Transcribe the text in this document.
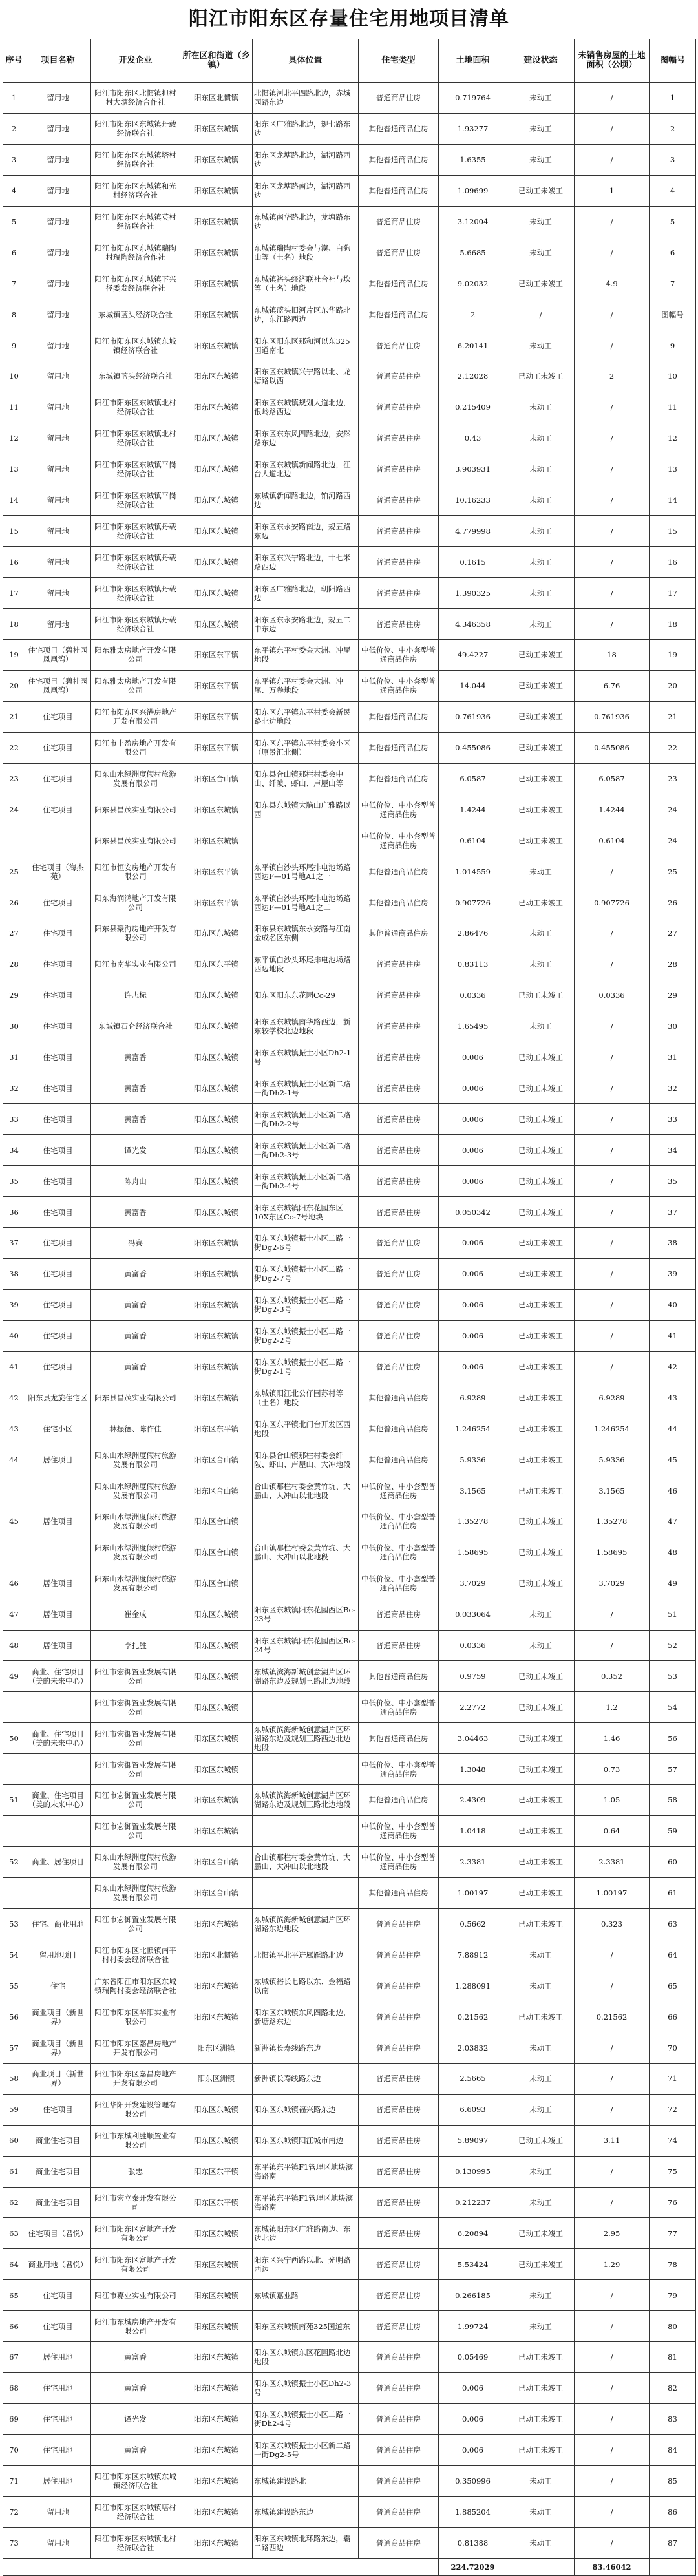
阳江市阳东区存量住宅用地项目清单
序号	项目名称	开发企业	所在区和街道（乡镇）	具体位置	住宅类型	土地面积	建设状态	未销售房屋的土地面积（公顷）	图幅号
1	留用地	阳江市阳东区北惯镇担村村大塘经济合作社	阳东区北惯镇	北惯镇河北平四路北边，赤城园路东边	普通商品住房	0.719764	未动工	/	1
2	留用地	阳江市阳东区东城镇丹载经济联合社	阳东区东城镇	阳东区广雅路北边，规七路东边	其他普通商品住房	1.93277	未动工	/	2
3	留用地	阳江市阳东区东城镇塔村经济联合社	阳东区东城镇	阳东区龙塘路北边，湖河路西边	其他普通商品住房	1.6355	未动工	/	3
4	留用地	阳江市阳东区东城镇和光村经济联合社	阳东区东城镇	阳东区龙塘路南边，湖河路西边	其他普通商品住房	1.09699	已动工未竣工	1	4
5	留用地	阳江市阳东区东城镇英村经济联合社	阳东区东城镇	东城镇南华路北边，龙塘路东边	普通商品住房	3.12004	未动工	/	5
6	留用地	阳江市阳东区东城镇瑞陶村瑞陶经济合作社	阳东区东城镇	东城镇瑞陶村委会与漠、白狗山等（土名）地段	普通商品住房	5.6685	未动工	/	6
7	留用地	阳江市阳东区东城镇下兴径委发经济联合社	阳东区东城镇	东城镇裕头经济联社合社与坎等（土名）地段	其他普通商品住房	9.02032	已动工未竣工	4.9	7
8	留用地	东城镇蓝头经济联合社	阳东区东城镇	东城镇蓝头旧河片区东华路北边，东江路西边	其他普通商品住房	2	/	/	图幅号
9	留用地	阳江市阳东区东城镇东城镇经济联合社	阳东区东城镇	阳东区阳东区那和河以东325国道南北	普通商品住房	6.20141	未动工	/	9
10	留用地	东城镇蓝头经济联合社	阳东区东城镇	阳东区东城镇兴宁路以北、龙塘路以西	普通商品住房	2.12028	已动工未竣工	2	10
11	留用地	阳江市阳东区东城镇北村经济联合社	阳东区东城镇	阳东区东城镇规划大道北边，银岭路西边	普通商品住房	0.215409	未动工	/	11
12	留用地	阳江市阳东区东城镇北村经济联合社	阳东区东城镇	阳东区东东风四路北边，安然路东边	普通商品住房	0.43	未动工	/	12
13	留用地	阳江市阳东区东城镇平岗经济联合社	阳东区东城镇	阳东区东城镇新闻路北边，江台大道北边	普通商品住房	3.903931	未动工	/	13
14	留用地	阳江市阳东区东城镇平岗经济联合社	阳东区东城镇	东城镇新闻路北边，铂河路西边	普通商品住房	10.16233	未动工	/	14
15	留用地	阳江市阳东区东城镇丹载经济联合社	阳东区东城镇	阳东区东永安路南边，规五路东边	普通商品住房	4.779998	未动工	/	15
16	留用地	阳江市阳东区东城镇丹载经济联合社	阳东区东城镇	阳东区东兴宁路北边，十七米路西边	普通商品住房	0.1615	未动工	/	16
17	留用地	阳江市阳东区东城镇丹载经济联合社	阳东区东城镇	阳东区广雅路北边，朝阳路西边	普通商品住房	1.390325	未动工	/	17
18	留用地	阳江市阳东区东城镇丹载经济联合社	阳东区东城镇	阳东区东永安路北边，规五二中东边	普通商品住房	4.346358	未动工	/	18
19	住宅项目（碧桂园凤凰湾）	阳东雅太房地产开发有限公司	阳东区东平镇	东平镇东平村委会大洲、冲尾地段	中低价位、中小套型普通商品住房	49.4227	已动工未竣工	18	19
20	住宅项目（碧桂园凤凰湾）	阳东雅太房地产开发有限公司	阳东区东平镇	东平镇东平村委会大洲、冲尾、万卷地段	中低价位、中小套型普通商品住房	14.044	已动工未竣工	6.76	20
21	住宅项目	阳江市阳东区兴港房地产开发有限公司	阳东区东平镇	阳东区东平镇东平村委会新民路北边地段	其他普通商品住房	0.761936	已动工未竣工	0.761936	21
22	住宅项目	阳江市丰盈房地产开发有限公司	阳东区东平镇	阳东区东平镇东平村委会小区（原景汇北侧）	其他普通商品住房	0.455086	已动工未竣工	0.455086	22
23	住宅项目	阳东山水绿洲度假村旅游发展有限公司	阳东区合山镇	阳东县合山镇那栏村委会中山、纤陂、虾山、卢屋山等	其他普通商品住房	6.0587	已动工未竣工	6.0587	23
24	住宅项目	阳东县昌茂实业有限公司	阳东区东城镇	阳东县东城镇大脑山广雅路以西	中低价位、中小套型普通商品住房	1.4244	已动工未竣工	1.4244	24
		阳东县昌茂实业有限公司	阳东区东城镇		中低价位、中小套型普通商品住房	0.6104	已动工未竣工	0.6104	24
25	住宅项目（海杰苑）	阳江市恒安房地产开发有限公司	阳东区东平镇	东平镇白沙头环尾排电池场路西边F—01号地A1之一	其他普通商品住房	1.014559	未动工	/	25
26	住宅项目	阳东海润鸿地产开发有限公司	阳东区东平镇	东平镇白沙头环尾排电池场路西边F—01号地A1之二	其他普通商品住房	0.907726	已动工未竣工	0.907726	26
27	住宅项目	阳东县聚海房地产开发有限公司	阳东区东城镇	阳东县东城镇东永安路与江南金成名区东侧	其他普通商品住房	2.86476	未动工	/	27
28	住宅项目	阳江市南华实业有限公司	阳东区东平镇	东平镇白沙头环尾排电池场路西边地段	普通商品住房	0.83113	未动工	/	28
29	住宅项目	许志标	阳东区东城镇	阳东区阳东东花园Cc-29	普通商品住房	0.0336	已动工未竣工	0.0336	29
30	住宅项目	东城镇石仑经济联合社	阳东区东城镇	阳东区东城镇南华路西边，新东较学校北边地段	普通商品住房	1.65495	未动工	/	30
31	住宅项目	黄富香	阳东区东城镇	阳东区东城镇振士小区Dh2-1号	普通商品住房	0.006	已动工未竣工	/	31
32	住宅项目	黄富香	阳东区东城镇	阳东区东城镇振士小区新二路一街Dh2-1号	普通商品住房	0.006	已动工未竣工	/	32
33	住宅项目	黄富香	阳东区东城镇	阳东区东城镇振士小区新二路一街Dh2-2号	普通商品住房	0.006	已动工未竣工	/	33
34	住宅项目	谭光发	阳东区东城镇	阳东区东城镇振士小区新二路一街Dh2-3号	普通商品住房	0.006	已动工未竣工	/	34
35	住宅项目	陈舟山	阳东区东城镇	阳东区东城镇振士小区新二路一街Dh2-4号	普通商品住房	0.006	已动工未竣工	/	35
36	住宅项目	黄富香	阳东区东城镇	阳东区东城镇阳东花园东区10X东区Cc-7号地块	普通商品住房	0.050342	已动工未竣工	/	37
37	住宅项目	冯赛	阳东区东城镇	阳东区东城镇振士小区二路一街Dg2-6号	普通商品住房	0.006	已动工未竣工	/	38
38	住宅项目	黄富香	阳东区东城镇	阳东区东城镇振士小区二路一街Dg2-7号	普通商品住房	0.006	已动工未竣工	/	39
39	住宅项目	黄富香	阳东区东城镇	阳东区东城镇振士小区二路一街Dg2-3号	普通商品住房	0.006	已动工未竣工	/	40
40	住宅项目	黄富香	阳东区东城镇	阳东区东城镇振士小区二路一街Dg2-2号	普通商品住房	0.006	已动工未竣工	/	41
41	住宅项目	黄富香	阳东区东城镇	阳东区东城镇振士小区二路一街Dg2-1号	普通商品住房	0.006	已动工未竣工	/	42
42	阳东县龙旋住宅区	阳东县昌茂实业有限公司	阳东区东城镇	东城镇阳江北公仔围苏村等（土名）地段	其他普通商品住房	6.9289	已动工未竣工	6.9289	43
43	住宅小区	林振德、陈作佳	阳东区东平镇	阳东区东平镇北门台开发区西地段	其他普通商品住房	1.246254	已动工未竣工	1.246254	44
44	居住项目	阳东山水绿洲度假村旅游发展有限公司	阳东区合山镇	阳东县合山镇那栏村委会纤陂、虾山、卢屋山、大冲地段	其他普通商品住房	5.9336	已动工未竣工	5.9336	45
		阳东山水绿洲度假村旅游发展有限公司	阳东区合山镇	合山镇那栏村委会黄竹坑、大鹏山、大冲山以北地段	中低价位、中小套型普通商品住房	3.1565	已动工未竣工	3.1565	46
45	居住项目	阳东山水绿洲度假村旅游发展有限公司	阳东区合山镇		中低价位、中小套型普通商品住房	1.35278	已动工未竣工	1.35278	47
		阳东山水绿洲度假村旅游发展有限公司	阳东区合山镇	合山镇那栏村委会黄竹坑、大鹏山、大冲山以北地段	中低价位、中小套型普通商品住房	1.58695	已动工未竣工	1.58695	48
46	居住项目	阳东山水绿洲度假村旅游发展有限公司	阳东区合山镇		中低价位、中小套型普通商品住房	3.7029	已动工未竣工	3.7029	49
47	居住项目	崔金成	阳东区东城镇	阳东区东城镇阳东花园西区Bc-23号	普通商品住房	0.033064	未动工	/	51
48	居住项目	李扎胜	阳东区东城镇	阳东区东城镇阳东花园西区Bc-24号	普通商品住房	0.0336	未动工	/	52
49	商业、住宅项目（美的未来中心）	阳江市宏御置业发展有限公司	阳东区东城镇	东城镇滨海新城创意湖片区环湖路东边及规划三路北边地段	其他普通商品住房	0.9759	已动工未竣工	0.352	53
		阳江市宏御置业发展有限公司	阳东区东城镇		中低价位、中小套型普通商品住房	2.2772	已动工未竣工	1.2	54
50	商业、住宅项目（美的未来中心）	阳江市宏御置业发展有限公司	阳东区东城镇	东城镇滨海新城创意湖片区环湖路东边及规划三路西边北边地段	其他普通商品住房	3.04463	已动工未竣工	1.46	56
		阳江市宏御置业发展有限公司	阳东区东城镇		中低价位、中小套型普通商品住房	1.3048	已动工未竣工	0.73	57
51	商业、住宅项目（美的未来中心）	阳江市宏御置业发展有限公司	阳东区东城镇	东城镇滨海新城创意湖片区环湖路东边及规划三路北边地段	其他普通商品住房	2.4309	已动工未竣工	1.05	58
		阳江市宏御置业发展有限公司	阳东区东城镇		中低价位、中小套型普通商品住房	1.0418	已动工未竣工	0.64	59
52	商业、居住项目	阳东山水绿洲度假村旅游发展有限公司	阳东区合山镇	合山镇那栏村委会黄竹坑、大鹏山、大冲山以北地段	中低价位、中小套型普通商品住房	2.3381	已动工未竣工	2.3381	60
		阳东山水绿洲度假村旅游发展有限公司	阳东区合山镇		其他普通商品住房	1.00197	已动工未竣工	1.00197	61
53	住宅、商业用地	阳江市宏御置业发展有限公司	阳东区东城镇	东城镇滨海新城创意湖片区环湖路东边地段	普通商品住房	0.5662	已动工未竣工	0.323	63
54	留用地项目	阳江市阳东区北惯镇南平村村委会经济联合社	阳东区北惯镇	北惯镇平北平进属雁路北边	普通商品住房	7.88912	未动工	/	64
55	住宅	广东省阳江市阳东区东城镇瑞陶村委会经济联合社	阳东区东城镇	东城镇裕长七路以东、金福路以南	普通商品住房	1.288091	未动工	/	65
56	商业项目（新世界）	阳江市阳东区华阳实业有限公司	阳东区东城镇	阳东区东城镇东风四路北边，新塘路东边	普通商品住房	0.21562	已动工未竣工	0.21562	66
57	商业项目（新世界）	阳江市阳东区嘉昌房地产开发有限公司	阳东区洲镇	新洲镇长寿线路东边	普通商品住房	2.03832	未动工	/	70
58	商业项目（新世界）	阳江市阳东区嘉昌房地产开发有限公司	阳东区洲镇	新洲镇长寿线路东边	普通商品住房	2.5665	未动工	/	71
59	住宅项目	阳江华阳开发建设管理有限公司	阳东区东城镇	阳东区东城镇福兴路东边	普通商品住房	6.6093	未动工	/	72
60	商业住宅项目	阳江市东城利胜顺置业有限公司	阳东区东城镇	阳东区东城镇阳江城市南边	普通商品住房	5.89097	已动工未竣工	3.11	74
61	商业住宅项目	张忠	阳东区东平镇	东平镇东平镇F1管理区地块滨海路南	普通商品住房	0.130995	未动工	/	75
62	商业住宅项目	阳江市宏立泰开发有限公司	阳东区东平镇	东平镇东平镇F1管理区地块滨海路南	普通商品住房	0.212237	未动工	/	76
63	住宅项目（君悦）	阳江市阳东区富地产开发有限公司	阳东区东城镇	东城镇阳东区广雅路南边、东边北边	普通商品住房	6.20894	已动工未竣工	2.95	77
64	商业用地（君悦）	阳江市阳东区富地产开发有限公司	阳东区东城镇	阳东区兴宁西路以北、光明路西边	普通商品住房	5.53424	已动工未竣工	1.29	78
65	住宅项目	阳江市嘉业实业有限公司	阳东区东城镇	东城镇嘉业路	普通商品住房	0.266185	未动工	/	79
66	住宅项目	阳江市东城房地产开发有限公司	阳东区东城镇	阳东区东城镇南苑325国道东	普通商品住房	1.99724	未动工	/	80
67	居住用地	黄富香	阳东区东城镇	阳东区东城镇东区花园路北边地段	普通商品住房	0.05469	已动工未竣工	/	81
68	住宅用地	黄富香	阳东区东城镇	阳东区东城镇振士小区Dh2-3号	普通商品住房	0.006	已动工未竣工	/	82
69	住宅用地	谭光发	阳东区东城镇	阳东区东城镇振士小区二路一街Dh2-4号	普通商品住房	0.006	已动工未竣工	/	83
70	住宅用地	黄富香	阳东区东城镇	阳东区东城镇振士小区新二路一街Dg2-5号	普通商品住房	0.006	已动工未竣工	/	84
71	居住用地	阳江市阳东区东城镇东城镇经济联合社	阳东区东城镇	东城镇建设路北	普通商品住房	0.350996	未动工	/	85
72	留用地	阳江市阳东区东城镇塔村经济联合社	阳东区东城镇	东城镇建设路东边	普通商品住房	1.885204	未动工	/	86
73	留用地	阳江市阳东区东城镇北村经济联合社	阳东区东城镇	阳东区东城镇北环路东边，霸二路西边	普通商品住房	0.81388	未动工	/	87
						224.72029		83.46042	
